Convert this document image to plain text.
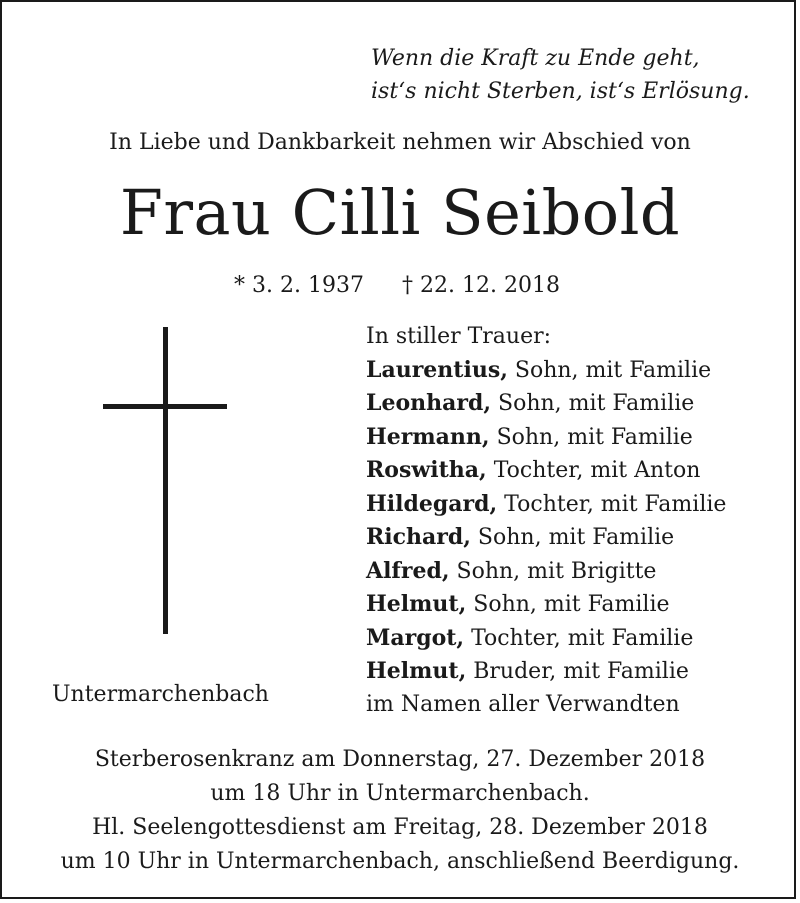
Wenn die Kraft zu Ende geht,
ist‘s nicht Sterben, ist‘s Erlösung.
In Liebe und Dankbarkeit nehmen wir Abschied von
Frau Cilli Seibold
* 3. 2. 1937 † 22. 12. 2018
Untermarchenbach
In stiller Trauer:
Laurentius, Sohn, mit Familie
Leonhard, Sohn, mit Familie
Hermann, Sohn, mit Familie
Roswitha, Tochter, mit Anton
Hildegard, Tochter, mit Familie
Richard, Sohn, mit Familie
Alfred, Sohn, mit Brigitte
Helmut, Sohn, mit Familie
Margot, Tochter, mit Familie
Helmut, Bruder, mit Familie
im Namen aller Verwandten
Sterberosenkranz am Donnerstag, 27. Dezember 2018
um 18 Uhr in Untermarchenbach.
Hl. Seelengottesdienst am Freitag, 28. Dezember 2018
um 10 Uhr in Untermarchenbach, anschließend Beerdigung.
